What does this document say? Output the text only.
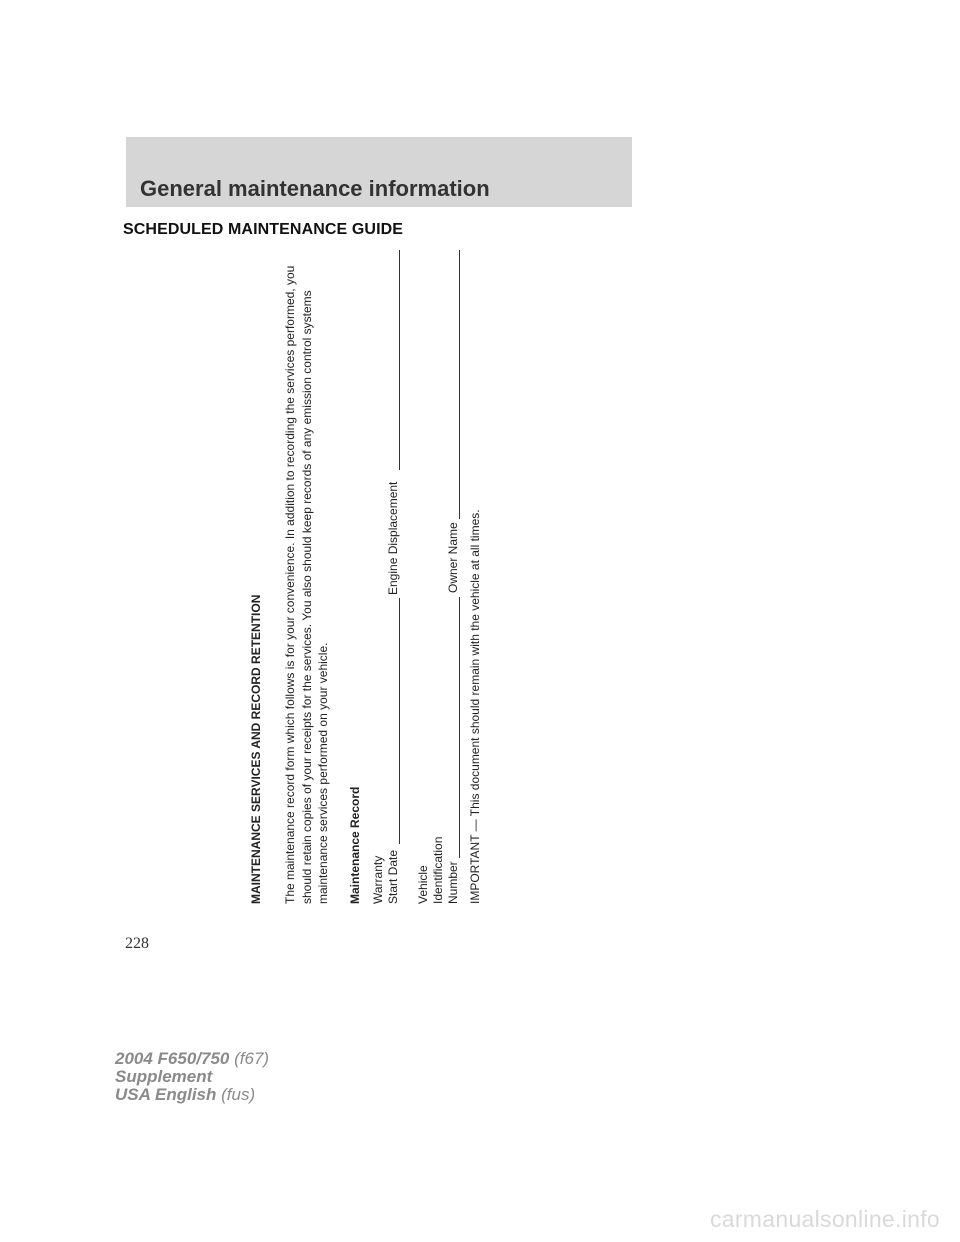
General maintenance information
SCHEDULED MAINTENANCE GUIDE
MAINTENANCE SERVICES AND RECORD RETENTION The maintenance record form which follows is for your convenience. In addition to recording the services performed, you should retain copies of your receipts for the services. You also should keep records of any emission control systems maintenance services performed on your vehicle. Maintenance Record Warranty Start Date
Engine Displacement
Vehicle Identification Number
Owner Name IMPORTANT — This document should remain with the vehicle at all times.
228
2004 F650/750 (f67)
Supplement
USA English (fus)
carmanualsonline.info
